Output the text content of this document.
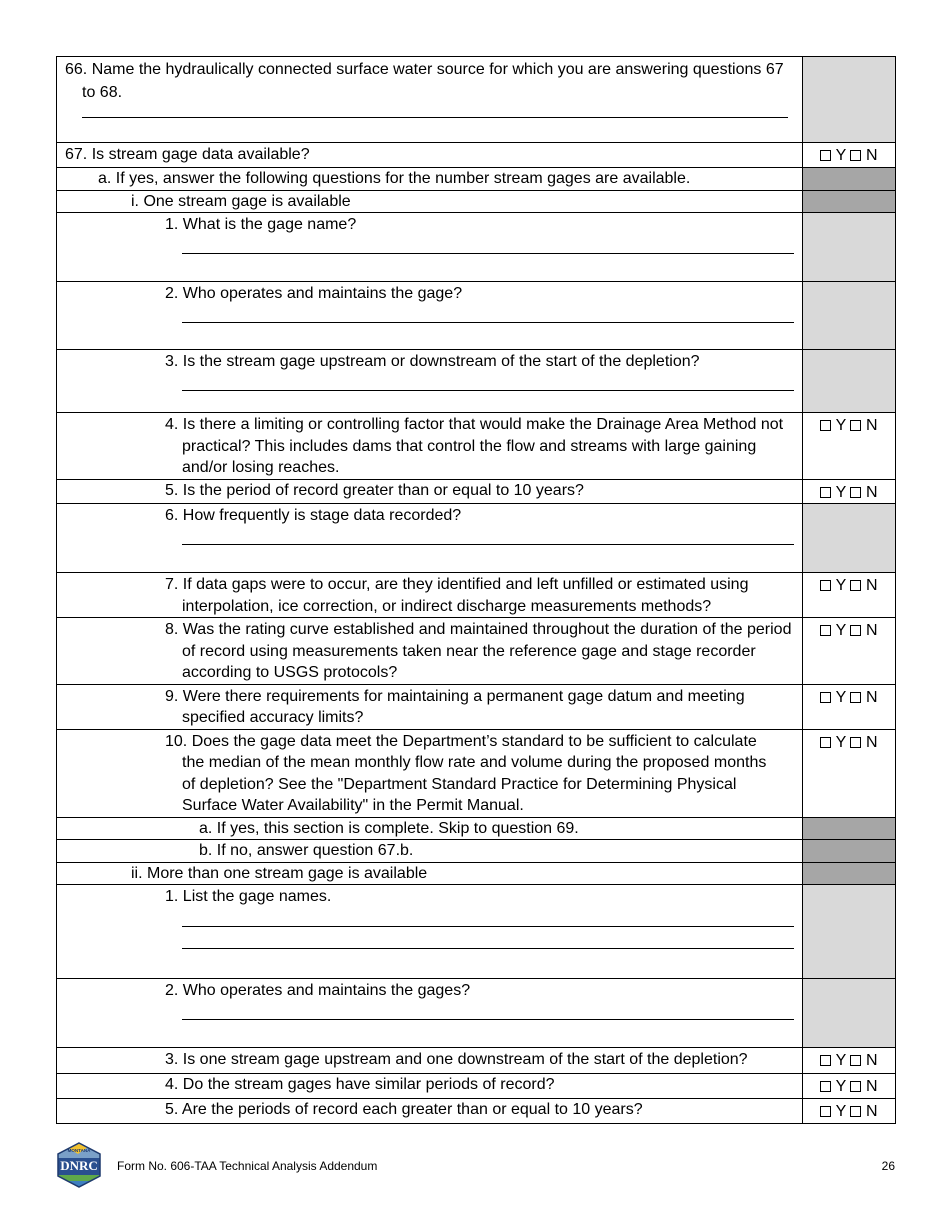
66. Name the hydraulically connected surface water source for which you are answering questions 67 to 68.	

67. Is stream gage data available?	Y N

a. If yes, answer the following questions for the number stream gages are available.	

i. One stream gage is available	

1. What is the gage name?	

2. Who operates and maintains the gage?	

3. Is the stream gage upstream or downstream of the start of the depletion?	

4. Is there a limiting or controlling factor that would make the Drainage Area Method not practical? This includes dams that control the flow and streams with large gaining and/or losing reaches.	Y N

5. Is the period of record greater than or equal to 10 years?	Y N

6. How frequently is stage data recorded?	

7. If data gaps were to occur, are they identified and left unfilled or estimated using interpolation, ice correction, or indirect discharge measurements methods?	Y N

8. Was the rating curve established and maintained throughout the duration of the period of record using measurements taken near the reference gage and stage recorder according to USGS protocols?	Y N

9. Were there requirements for maintaining a permanent gage datum and meeting specified accuracy limits?	Y N

10. Does the gage data meet the Department’s standard to be sufficient to calculate the median of the mean monthly flow rate and volume during the proposed months of depletion? See the "Department Standard Practice for Determining Physical Surface Water Availability" in the Permit Manual.	Y N

a. If yes, this section is complete. Skip to question 69.	

b. If no, answer question 67.b.	

ii. More than one stream gage is available	

1. List the gage names.	

2. Who operates and maintains the gages?	

3. Is one stream gage upstream and one downstream of the start of the depletion?	Y N

4. Do the stream gages have similar periods of record?	Y N

5. Are the periods of record each greater than or equal to 10 years?	Y N
MONTANA
DNRC Form No. 606-TAA Technical Analysis Addendum	26
